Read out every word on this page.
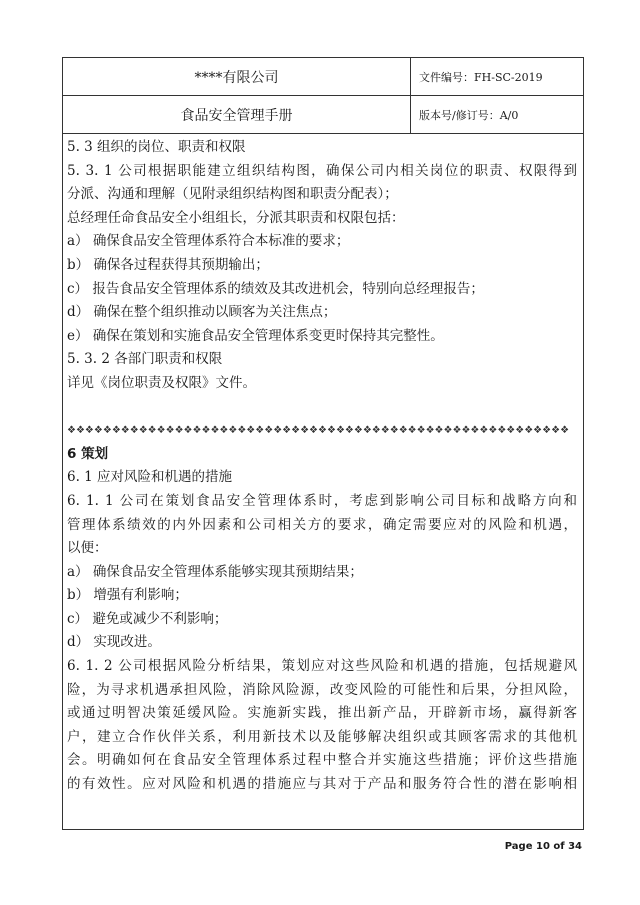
****有限公司	文件编号：FH-SC-2019
食品安全管理手册	版本号/修订号：A/0
5. 3 组织的岗位、职责和权限
5. 3. 1 公司根据职能建立组织结构图，确保公司内相关岗位的职责、权限得到
分派、沟通和理解（见附录组织结构图和职责分配表）；
总经理任命食品安全小组组长，分派其职责和权限包括：
a） 确保食品安全管理体系符合本标准的要求；
b） 确保各过程获得其预期输出；
c） 报告食品安全管理体系的绩效及其改进机会，特别向总经理报告；
d） 确保在整个组织推动以顾客为关注焦点；
e） 确保在策划和实施食品安全管理体系变更时保持其完整性。
5. 3. 2 各部门职责和权限
详见《岗位职责及权限》文件。
❖❖❖❖❖❖❖❖❖❖❖❖❖❖❖❖❖❖❖❖❖❖❖❖❖❖❖❖❖❖❖❖❖❖❖❖❖❖❖❖❖❖❖❖❖❖❖❖❖❖❖❖❖❖❖❖
6 策划
6. 1 应对风险和机遇的措施
6. 1. 1 公司在策划食品安全管理体系时，考虑到影响公司目标和战略方向和
管理体系绩效的内外因素和公司相关方的要求，确定需要应对的风险和机遇，
以便：
a） 确保食品安全管理体系能够实现其预期结果；
b） 增强有利影响；
c） 避免或减少不利影响；
d） 实现改进。
6. 1. 2 公司根据风险分析结果，策划应对这些风险和机遇的措施，包括规避风
险，为寻求机遇承担风险，消除风险源，改变风险的可能性和后果，分担风险，
或通过明智决策延缓风险。实施新实践，推出新产品，开辟新市场，赢得新客
户，建立合作伙伴关系，利用新技术以及能够解决组织或其顾客需求的其他机
会。明确如何在食品安全管理体系过程中整合并实施这些措施；评价这些措施
的有效性。应对风险和机遇的措施应与其对于产品和服务符合性的潜在影响相
Page 10 of 34
